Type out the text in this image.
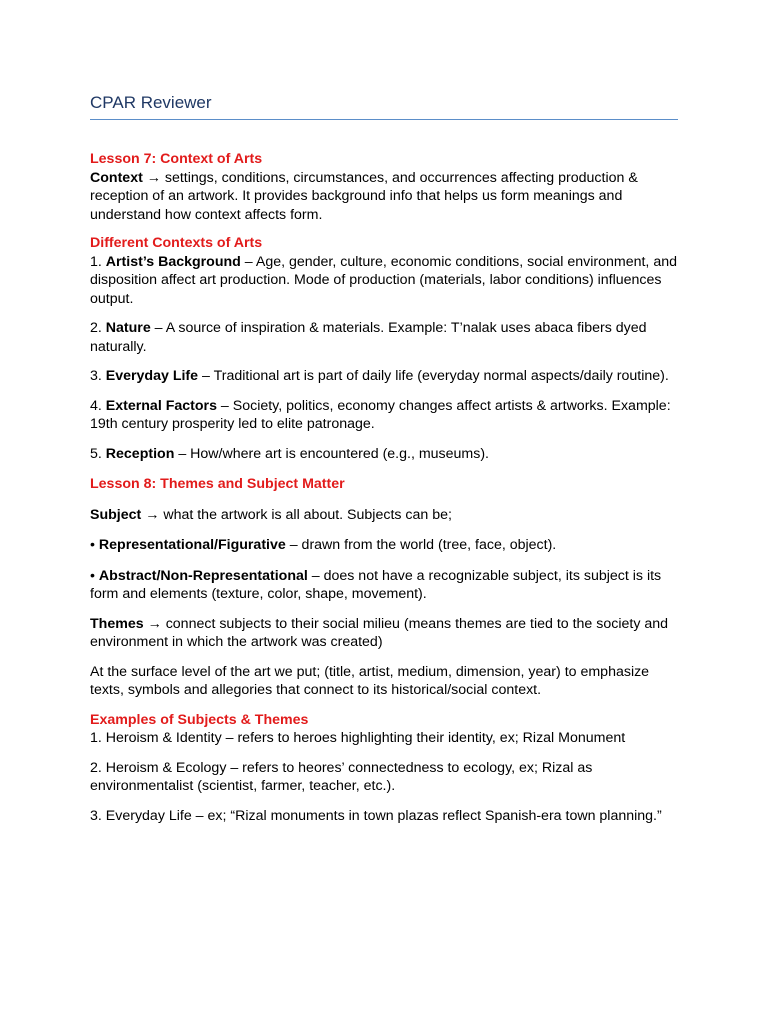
CPAR Reviewer
Lesson 7: Context of Arts
Context → settings, conditions, circumstances, and occurrences affecting production & reception of an artwork. It provides background info that helps us form meanings and understand how context affects form.
Different Contexts of Arts
1. Artist’s Background – Age, gender, culture, economic conditions, social environment, and disposition affect art production. Mode of production (materials, labor conditions) influences output.
2. Nature – A source of inspiration & materials. Example: T’nalak uses abaca fibers dyed naturally.
3. Everyday Life – Traditional art is part of daily life (everyday normal aspects/daily routine).
4. External Factors – Society, politics, economy changes affect artists & artworks. Example: 19th century prosperity led to elite patronage.
5. Reception – How/where art is encountered (e.g., museums).
Lesson 8: Themes and Subject Matter
Subject → what the artwork is all about. Subjects can be;
• Representational/Figurative – drawn from the world (tree, face, object).
• Abstract/Non-Representational – does not have a recognizable subject, its subject is its form and elements (texture, color, shape, movement).
Themes → connect subjects to their social milieu (means themes are tied to the society and environment in which the artwork was created)
At the surface level of the art we put; (title, artist, medium, dimension, year) to emphasize texts, symbols and allegories that connect to its historical/social context.
Examples of Subjects & Themes
1. Heroism & Identity – refers to heroes highlighting their identity, ex; Rizal Monument
2. Heroism & Ecology – refers to heores’ connectedness to ecology, ex; Rizal as environmentalist (scientist, farmer, teacher, etc.).
3. Everyday Life – ex; “Rizal monuments in town plazas reflect Spanish-era town planning.”
